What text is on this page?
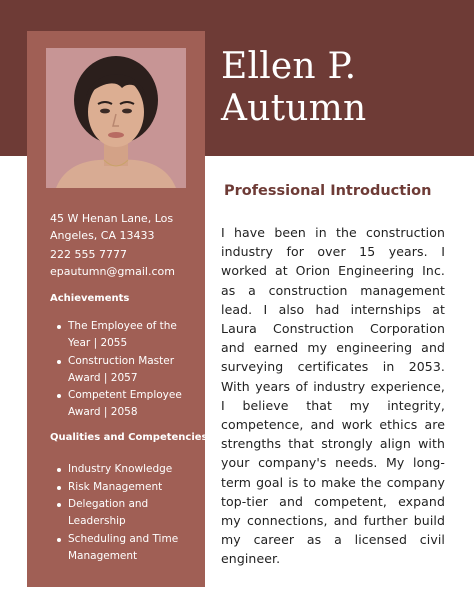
Ellen P.
Autumn
45 W Henan Lane, Los
Angeles, CA 13433
222 555 7777
epautumn@gmail.com
Achievements
The Employee of the
Year | 2055
Construction Master
Award | 2057
Competent Employee
Award | 2058
Qualities and Competencies
Industry Knowledge
Risk Management
Delegation and
Leadership
Scheduling and Time
Management
Professional Introduction
I have been in the construction industry for over 15 years. I worked at Orion Engineering Inc. as a construction management lead. I also had internships at Laura Construction Corporation and earned my engineering and surveying certificates in 2053. With years of industry experience, I believe that my integrity, competence, and work ethics are strengths that strongly align with your company's needs. My long-term goal is to make the company top-tier and competent, expand my connections, and further build my career as a licensed civil engineer.
